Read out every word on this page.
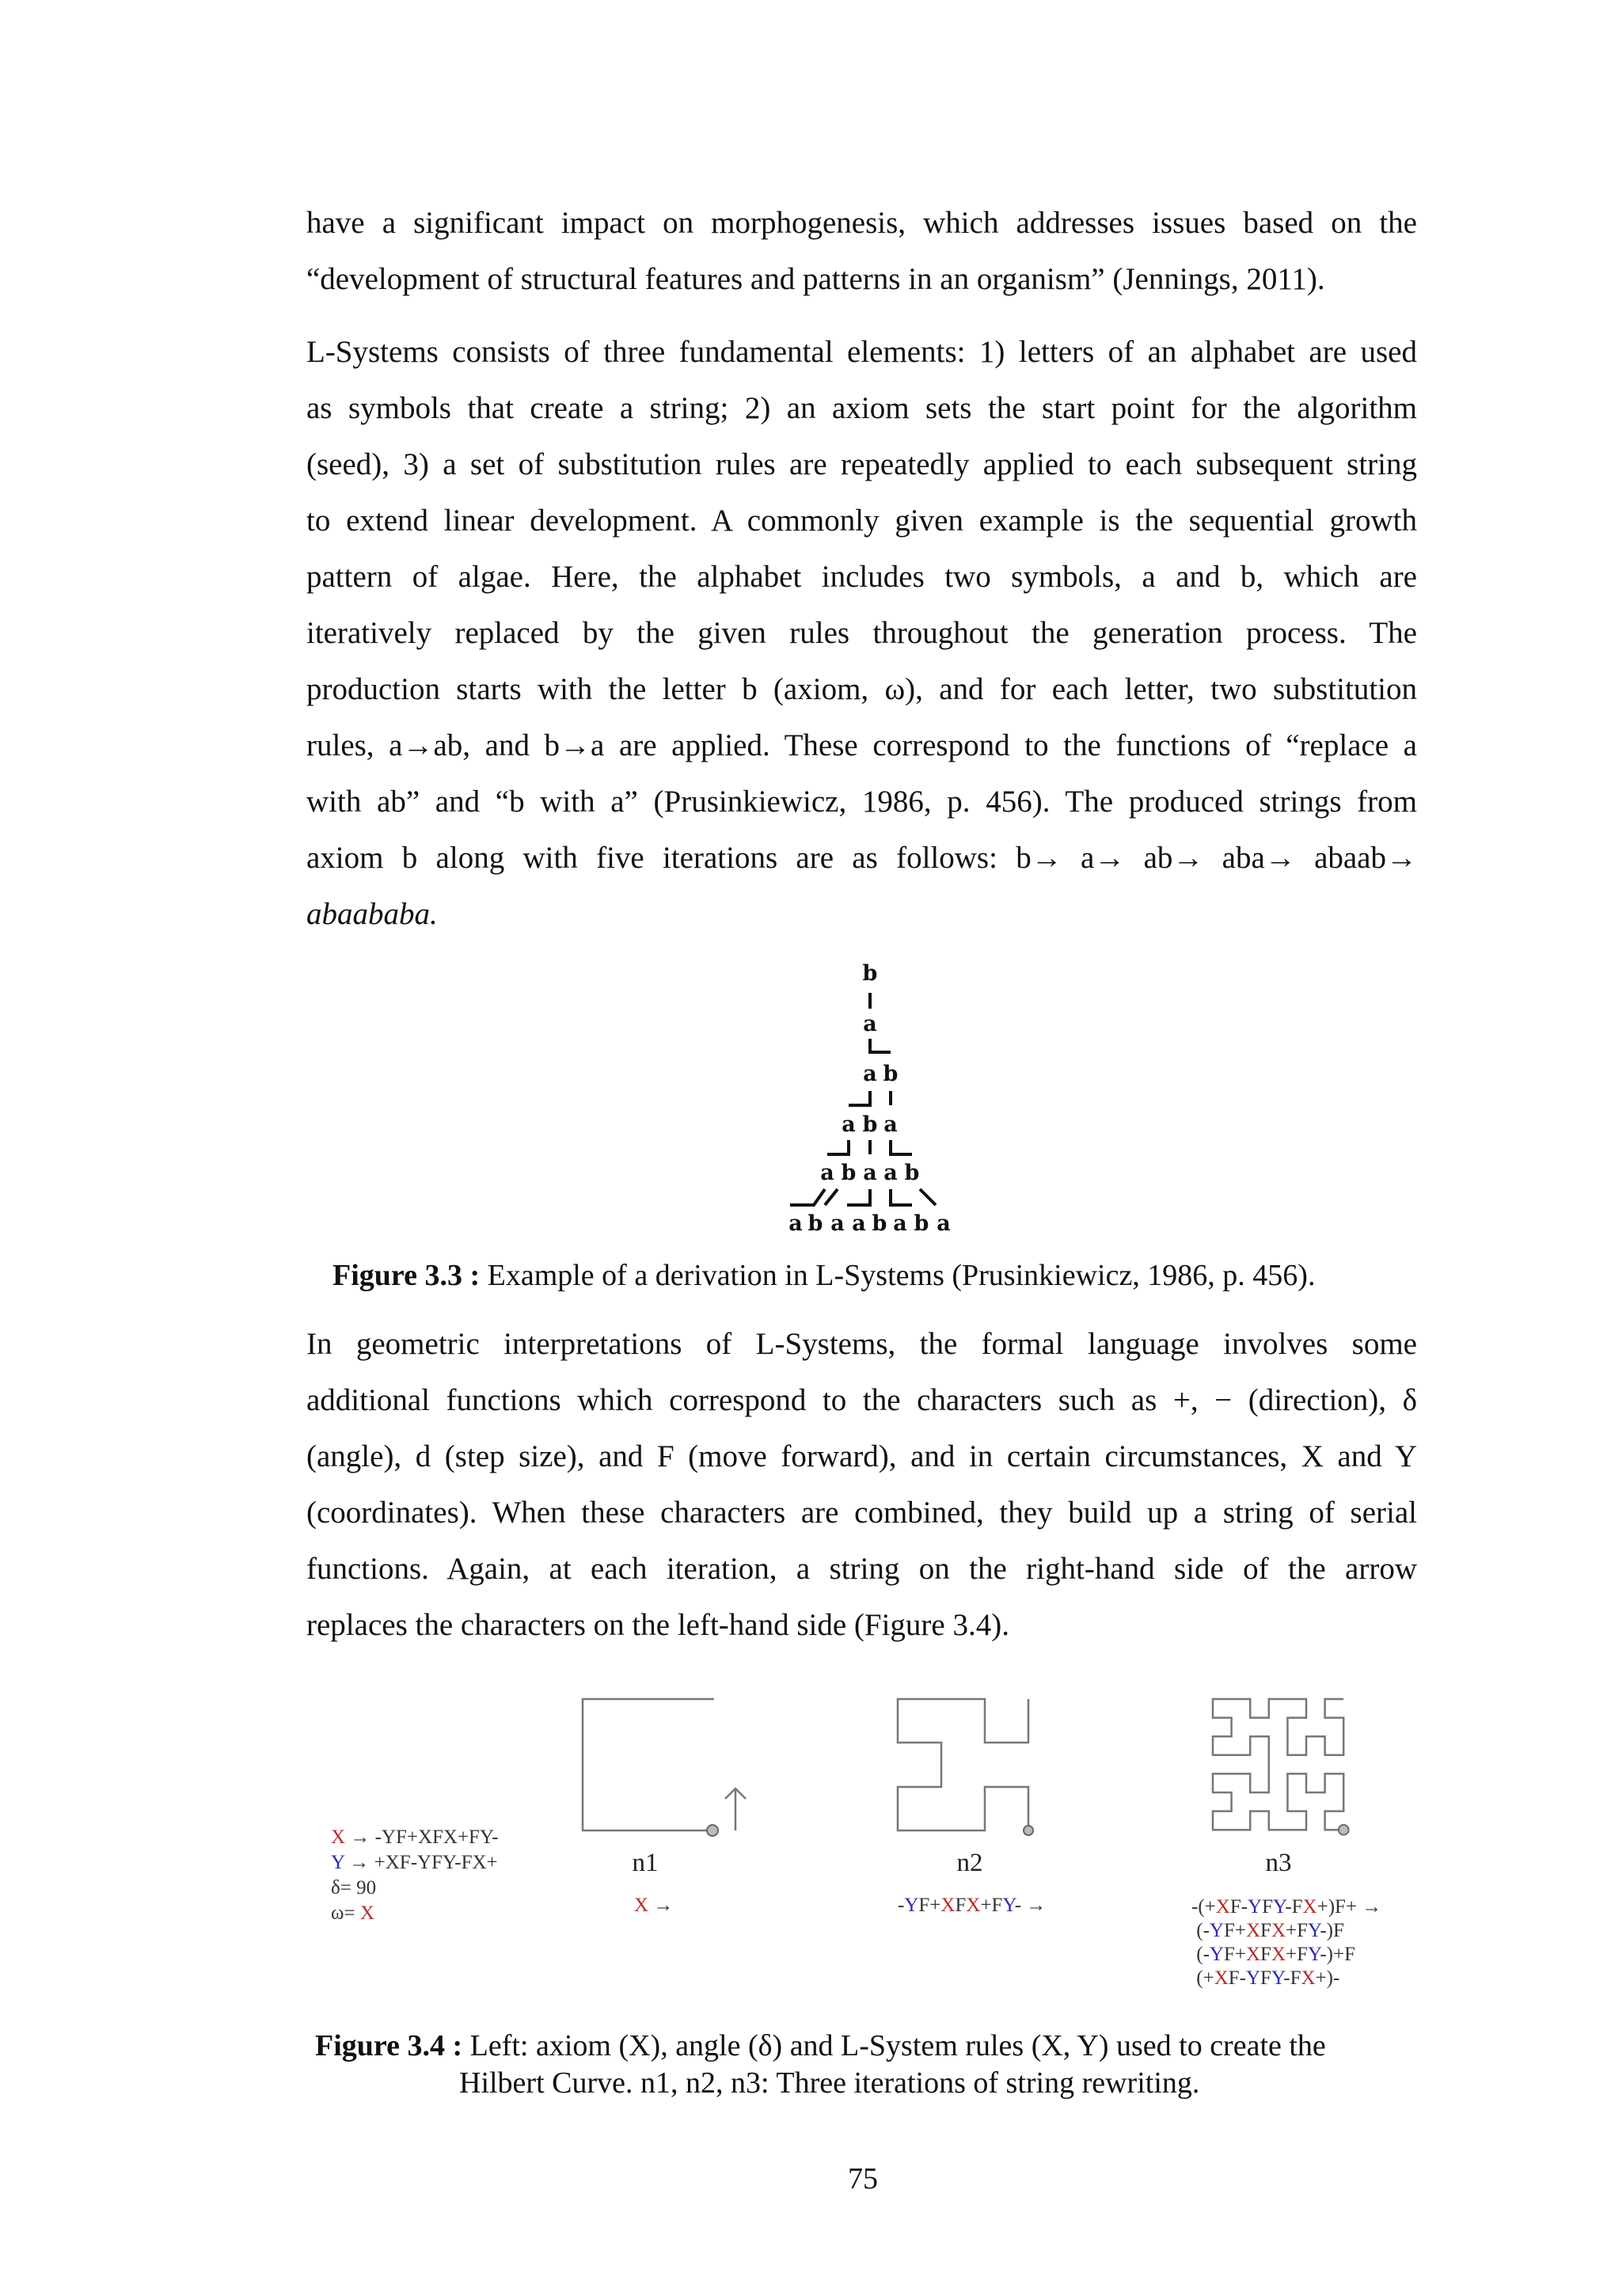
have a significant impact on morphogenesis, which addresses issues based on the
“development of structural features and patterns in an organism” (Jennings, 2011).
L-Systems consists of three fundamental elements: 1) letters of an alphabet are used
as symbols that create a string; 2) an axiom sets the start point for the algorithm
(seed), 3) a set of substitution rules are repeatedly applied to each subsequent string
to extend linear development. A commonly given example is the sequential growth
pattern of algae. Here, the alphabet includes two symbols, a and b, which are
iteratively replaced by the given rules throughout the generation process. The
production starts with the letter b (axiom, ω), and for each letter, two substitution
rules, a→ab, and b→a are applied. These correspond to the functions of “replace a
with ab” and “b with a” (Prusinkiewicz, 1986, p. 456). The produced strings from
axiom b along with five iterations are as follows: b→ a→ ab→ aba→ abaab→
abaababa.
b
a
a b
a b a
a b a a b
a b a a b a b a
Figure 3.3 : Example of a derivation in L-Systems (Prusinkiewicz, 1986, p. 456).
In geometric interpretations of L-Systems, the formal language involves some
additional functions which correspond to the characters such as +, − (direction), δ
(angle), d (step size), and F (move forward), and in certain circumstances, X and Y
(coordinates). When these characters are combined, they build up a string of serial
functions. Again, at each iteration, a string on the right-hand side of the arrow
replaces the characters on the left-hand side (Figure 3.4).
X → -YF+XFX+FY-
Y → +XF-YFY-FX+
δ= 90
ω= X
n1	n2	n3
X →	-YF+XFX+FY- →	-(+XF-YFY-FX+)F+ →
(-YF+XFX+FY-)F
(-YF+XFX+FY-)+F
(+XF-YFY-FX+)-
Figure 3.4 : Left: axiom (X), angle (δ) and L-System rules (X, Y) used to create the
Hilbert Curve. n1, n2, n3: Three iterations of string rewriting.
75
